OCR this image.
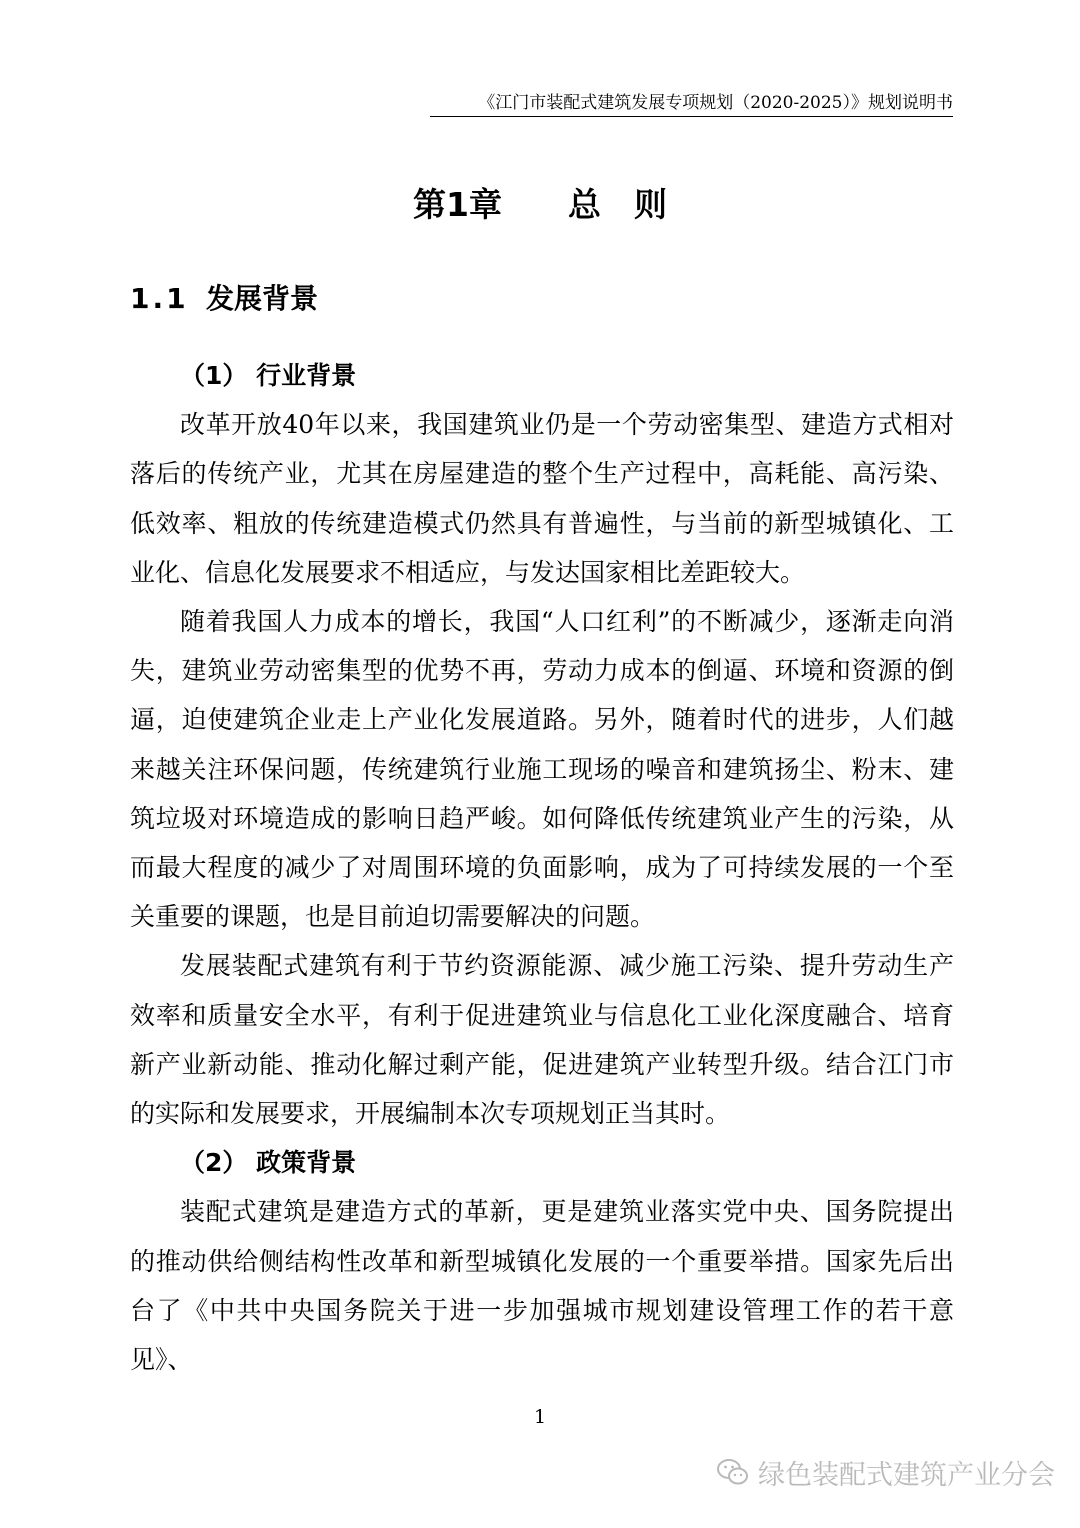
《江门市装配式建筑发展专项规划（2020-2025）》规划说明书
第1章　　总　则
1.1 发展背景
（1） 行业背景

改革开放40年以来，我国建筑业仍是一个劳动密集型、建造方式相对落后的传统产业，尤其在房屋建造的整个生产过程中，高耗能、高污染、低效率、粗放的传统建造模式仍然具有普遍性，与当前的新型城镇化、工业化、信息化发展要求不相适应，与发达国家相比差距较大。

随着我国人力成本的增长，我国“人口红利”的不断减少，逐渐走向消失，建筑业劳动密集型的优势不再，劳动力成本的倒逼、环境和资源的倒逼，迫使建筑企业走上产业化发展道路。另外，随着时代的进步，人们越来越关注环保问题，传统建筑行业施工现场的噪音和建筑扬尘、粉末、建筑垃圾对环境造成的影响日趋严峻。如何降低传统建筑业产生的污染，从而最大程度的减少了对周围环境的负面影响，成为了可持续发展的一个至关重要的课题，也是目前迫切需要解决的问题。

发展装配式建筑有利于节约资源能源、减少施工污染、提升劳动生产效率和质量安全水平，有利于促进建筑业与信息化工业化深度融合、培育新产业新动能、推动化解过剩产能，促进建筑产业转型升级。结合江门市的实际和发展要求，开展编制本次专项规划正当其时。

（2） 政策背景

装配式建筑是建造方式的革新，更是建筑业落实党中央、国务院提出的推动供给侧结构性改革和新型城镇化发展的一个重要举措。国家先后出台了《中共中央国务院关于进一步加强城市规划建设管理工作的若干意见》、

1
绿色装配式建筑产业分会
